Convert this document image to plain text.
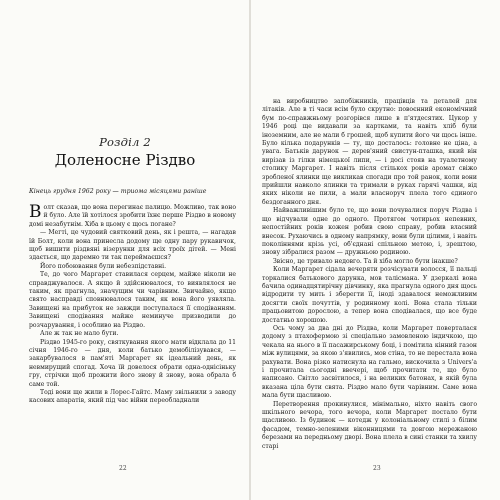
Розділ 2
Доленосне Різдво
Кінець грудня 1962 року — триома місяцями раніше

Волт сказав, що вона перегинає палицю. Можливо, так воно й було. Але їй хотілося зробити їхнє перше Різдво в новому домі незабутнім. Хіба в цьому є щось погане?

— Мегті, це чудовий святковий день, як і решта, — нагадав їй Болт, коли вона принесла додому ще одну пару рукавичок, щоб вишити різдвяні візерунки для всіх троїх дітей. — Мені здається, що даремно ти так переймаєшся?

Його побоювання були небезпідставні.

Те, до чого Маргарет ставилася серцем, майже ніколи не справджувалося. А якщо й здійснювалося, то виявлялося не таким, як прагнула, значущим чи чарівним. Звичайно, якщо свято насправді сповнювалося таким, як вона його уявляла. Завищені на прибуток не завжди поступалася її сподіванням. Завищені сподівання майже неминуче призводили до розчарування, і особливо на Різдво.

Але ж так не мало бути.

Різдво 1945-го року, святкування якого мати відклала до 11 січня 1946-го — дня, коли батько демобілізувався, — закарбувалося в пам'яті Маргарет як ідеальний день, як невмирущий спогад. Хоча їй довелося обрати одна-однісіньку гру, стрічки щоб прожити його знову й знову, вона обрала б саме той.

Тоді вони ще жили в Лорес-Гайтс. Маму звільнили з заводу касових апаратів, який під час війни переобладнали

на виробництво запобіжників, працівців та деталей для літаків. Але в ті часи всім було скрутно: повоєнний економічний бум по-справжньому розгорівся лише в п'ятдесятих. Цукор у 1946 році ще видавали за картками, та навіть хліб були іноземним, але не мали б грошей, щоб купити його чи щось інше. Було кілька подарунків — ту, що досталось: головне не ціна, а увага. Батьків дарунок — дерев'яний свистун-пташка, який він вирізав із гілки німецької липи, — і досі стояв на туалетному столику Маргарет. І навіть після стількох років аромат свіжо зробленої ялинки ще викликав спогади про той ранок, коли вони прийшли навколо ялинки та тримали в руках гарячі чашки, від яких ніколи не пили, а мали власноруч плела того єдиного бездоганного дня.

Найважливішим було те, що вони почувалися поруч Різдва і що відчували одне до одного. Протягом чотирьох непевних, непостійних років кожен робив свою справу, робив власний внесок. Рухаючись в одному напрямку, вони були цілими, і навіть поколіннями крізь усі, об'єднані спільною метою, і, зрештою, знову зібралися разом — дружньою родиною.

Звісно, це тривало недовго. Та й хіба могло бути інакше?

Коли Маргарет сідала вечеряти розчісувати волосся, її пальці торкалися батькового дарунка, мов талісмана. У дзеркалі вона бачила одинадцятирічну дівчинку, яка прагнула одного дня щось відродити ту мить і зберегти її, іноді здавалося неможливим досягти своїх почуттів, у родинному колі. Вона стала тільки працьовитою дорослою, а тепер вона сподівалася, що все буде достатньо хорошою.

Ось чому за два дні до Різдва, коли Маргарет поверталася додому з птахофермою зі спеціально замовленою індичкою, що чекала на нього в її пасажирському боці, і помітила кінний газон між вулицями, за якою з'явились, мов стіна, то не перестала вона рахувати. Вона різко натиснула на гальмо, вискочила з Univers'a i прочитала сьогодні ввечері, щоб прочитати те, що було написано. Світло засвітилося, і на великих батонах, в якій була вказана ціла бути свята. Різдво мало бути чарівним. Саме вона мала бути щасливою.

Перетворення прокинулися, мінімально, ніхто навіть свого шкільного вечора, того вечора, коли Маргарет постало бути щасливою. Із будинок — котедж у колоніальному стилі з білим фасадом, темно-зеленими віконницями та довгою мережаною березами на передньому дворі. Вона плела в сині станки та хвилу старі

22	23
